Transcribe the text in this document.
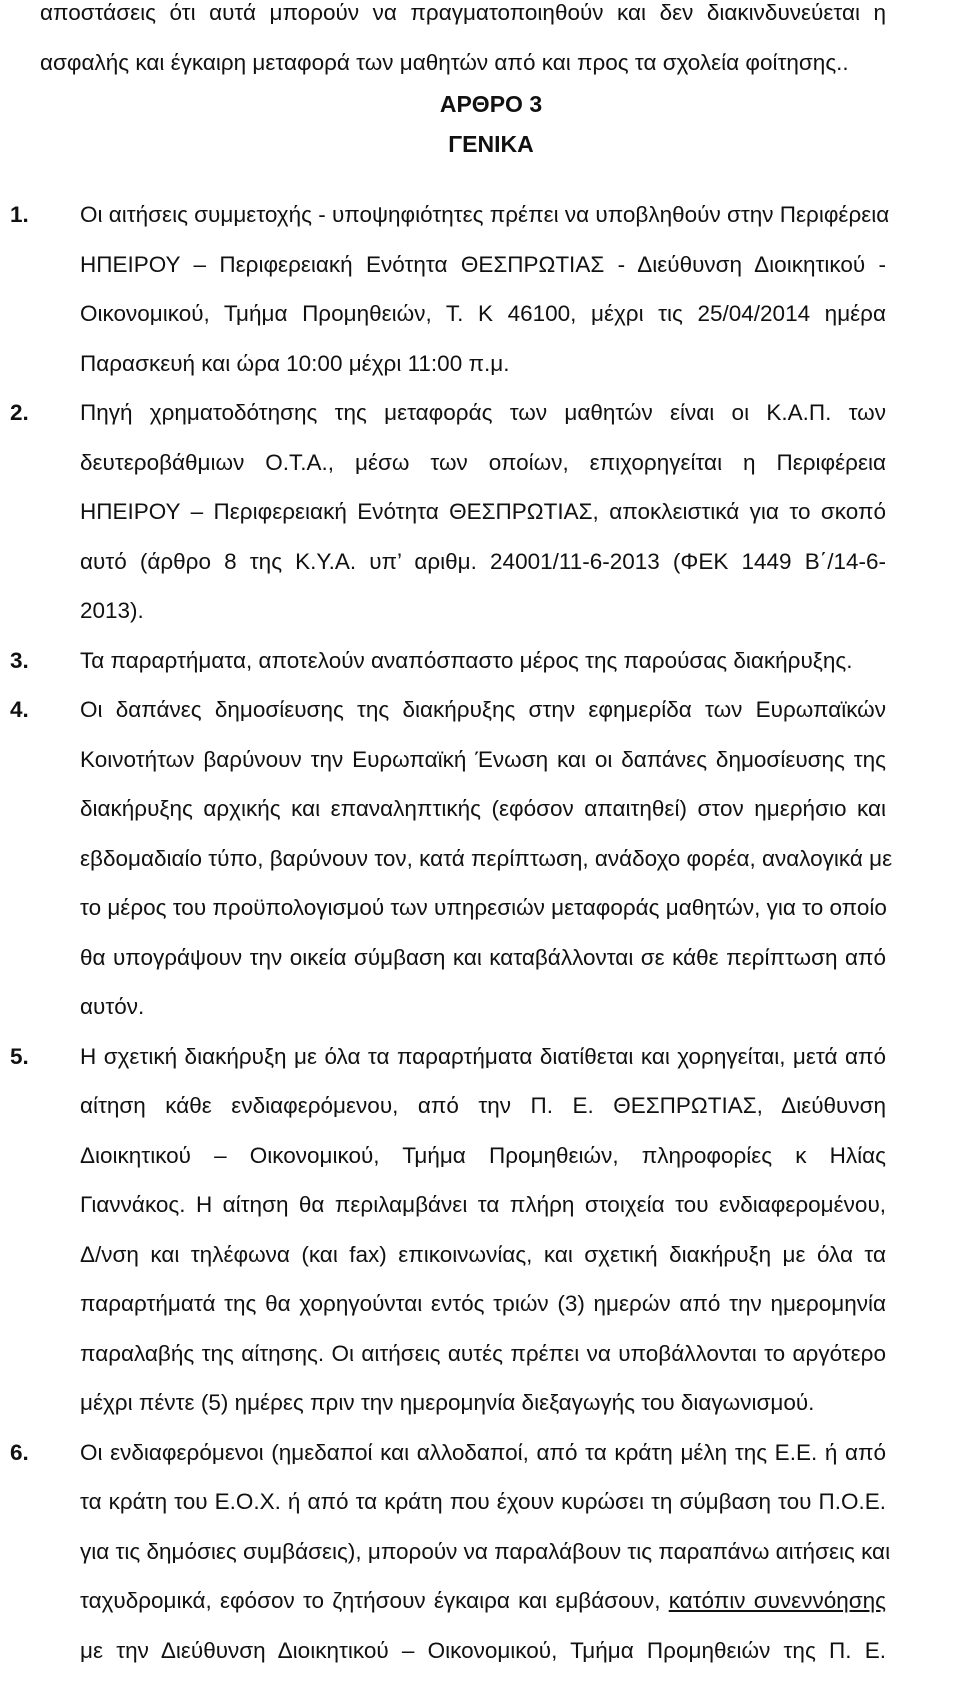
αποστάσεις ότι αυτά μπορούν να πραγματοποιηθούν και δεν διακινδυνεύεται η
ασφαλής και έγκαιρη μεταφορά των μαθητών από και προς τα σχολεία φοίτησης..
ΑΡΘΡΟ 3
ΓΕΝΙΚΑ
1. Οι αιτήσεις συμμετοχής - υποψηφιότητες πρέπει να υποβληθούν στην Περιφέρεια
ΗΠΕΙΡΟΥ – Περιφερειακή Ενότητα ΘΕΣΠΡΩΤΙΑΣ - Διεύθυνση Διοικητικού -
Οικονομικού, Τμήμα Προμηθειών, Τ. Κ 46100, μέχρι τις 25/04/2014 ημέρα
Παρασκευή και ώρα 10:00 μέχρι 11:00 π.μ.
2. Πηγή χρηματοδότησης της μεταφοράς των μαθητών είναι οι Κ.Α.Π. των
δευτεροβάθμιων Ο.Τ.Α., μέσω των οποίων, επιχορηγείται η Περιφέρεια
ΗΠΕΙΡΟΥ – Περιφερειακή Ενότητα ΘΕΣΠΡΩΤΙΑΣ, αποκλειστικά για το σκοπό
αυτό (άρθρο 8 της Κ.Υ.Α. υπ’ αριθμ. 24001/11-6-2013 (ΦΕΚ 1449 Β΄/14-6-
2013).
3. Τα παραρτήματα, αποτελούν αναπόσπαστο μέρος της παρούσας διακήρυξης.
4. Οι δαπάνες δημοσίευσης της διακήρυξης στην εφημερίδα των Ευρωπαϊκών
Κοινοτήτων βαρύνουν την Ευρωπαϊκή Ένωση και οι δαπάνες δημοσίευσης της
διακήρυξης αρχικής και επαναληπτικής (εφόσον απαιτηθεί) στον ημερήσιο και
εβδομαδιαίο τύπο, βαρύνουν τον, κατά περίπτωση, ανάδοχο φορέα, αναλογικά με
το μέρος του προϋπολογισμού των υπηρεσιών μεταφοράς μαθητών, για το οποίο
θα υπογράψουν την οικεία σύμβαση και καταβάλλονται σε κάθε περίπτωση από
αυτόν.
5. Η σχετική διακήρυξη με όλα τα παραρτήματα διατίθεται και χορηγείται, μετά από
αίτηση κάθε ενδιαφερόμενου, από την Π. Ε. ΘΕΣΠΡΩΤΙΑΣ, Διεύθυνση
Διοικητικού – Οικονομικού, Τμήμα Προμηθειών, πληροφορίες κ Ηλίας
Γιαννάκος. Η αίτηση θα περιλαμβάνει τα πλήρη στοιχεία του ενδιαφερομένου,
Δ/νση και τηλέφωνα (και fax) επικοινωνίας, και σχετική διακήρυξη με όλα τα
παραρτήματά της θα χορηγούνται εντός τριών (3) ημερών από την ημερομηνία
παραλαβής της αίτησης. Οι αιτήσεις αυτές πρέπει να υποβάλλονται το αργότερο
μέχρι πέντε (5) ημέρες πριν την ημερομηνία διεξαγωγής του διαγωνισμού.
6. Οι ενδιαφερόμενοι (ημεδαποί και αλλοδαποί, από τα κράτη μέλη της Ε.Ε. ή από
τα κράτη του Ε.Ο.Χ. ή από τα κράτη που έχουν κυρώσει τη σύμβαση του Π.Ο.Ε.
για τις δημόσιες συμβάσεις), μπορούν να παραλάβουν τις παραπάνω αιτήσεις και
ταχυδρομικά, εφόσον το ζητήσουν έγκαιρα και εμβάσουν, κατόπιν συνεννόησης
με την Διεύθυνση Διοικητικού – Οικονομικού, Τμήμα Προμηθειών της Π. Ε.
